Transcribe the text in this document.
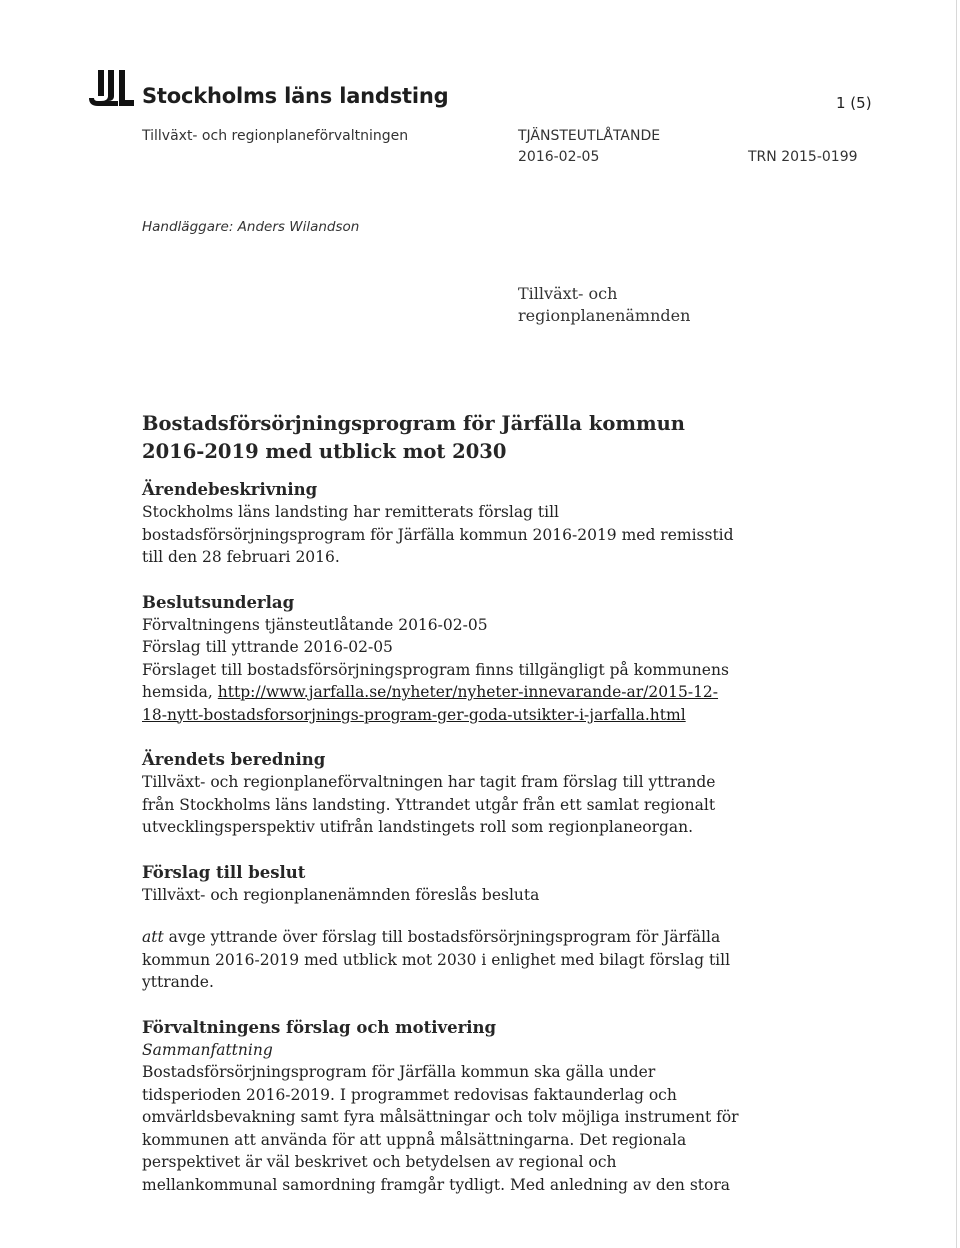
Stockholms läns landsting	1 (5)
Tillväxt- och regionplaneförvaltningen	TJÄNSTEUTLÅTANDE
2016-02-05	TRN 2015-0199
Handläggare: Anders Wilandson
Tillväxt- och
regionplanenämnden
Bostadsförsörjningsprogram för Järfälla kommun
2016-2019 med utblick mot 2030
Ärendebeskrivning
Stockholms läns landsting har remitterats förslag till
bostadsförsörjningsprogram för Järfälla kommun 2016-2019 med remisstid
till den 28 februari 2016.
Beslutsunderlag
Förvaltningens tjänsteutlåtande 2016-02-05
Förslag till yttrande 2016-02-05
Förslaget till bostadsförsörjningsprogram finns tillgängligt på kommunens
hemsida, http://www.jarfalla.se/nyheter/nyheter-innevarande-ar/2015-12-
18-nytt-bostadsforsorjnings-program-ger-goda-utsikter-i-jarfalla.html
Ärendets beredning
Tillväxt- och regionplaneförvaltningen har tagit fram förslag till yttrande
från Stockholms läns landsting. Yttrandet utgår från ett samlat regionalt
utvecklingsperspektiv utifrån landstingets roll som regionplaneorgan.
Förslag till beslut
Tillväxt- och regionplanenämnden föreslås besluta
att avge yttrande över förslag till bostadsförsörjningsprogram för Järfälla
kommun 2016-2019 med utblick mot 2030 i enlighet med bilagt förslag till
yttrande.
Förvaltningens förslag och motivering
Sammanfattning
Bostadsförsörjningsprogram för Järfälla kommun ska gälla under
tidsperioden 2016-2019. I programmet redovisas faktaunderlag och
omvärldsbevakning samt fyra målsättningar och tolv möjliga instrument för
kommunen att använda för att uppnå målsättningarna. Det regionala
perspektivet är väl beskrivet och betydelsen av regional och
mellankommunal samordning framgår tydligt. Med anledning av den stora
